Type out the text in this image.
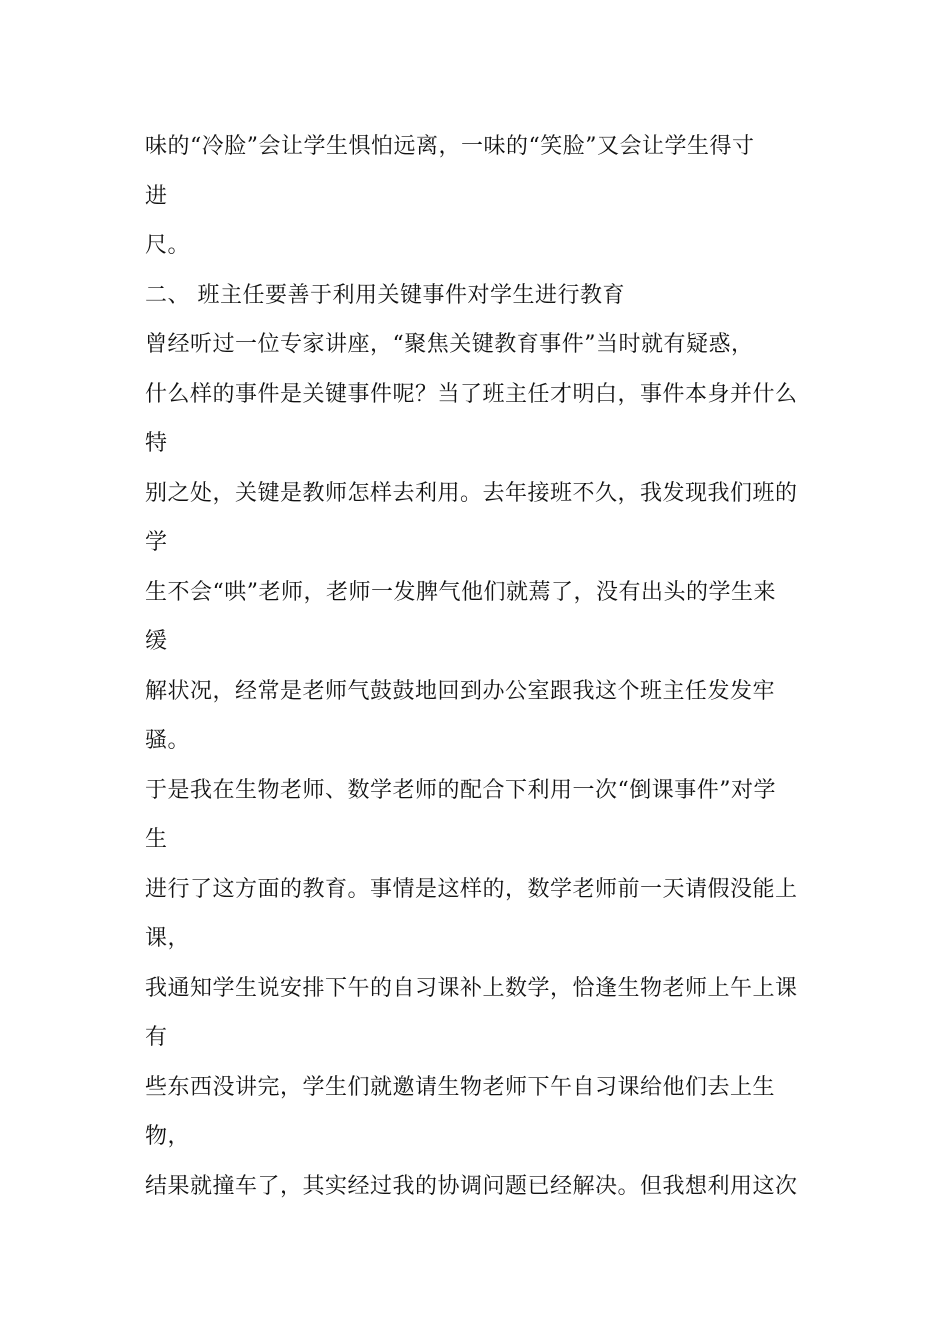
味的“冷脸”会让学生惧怕远离，一味的“笑脸”又会让学生得寸
进
尺。
二、 班主任要善于利用关键事件对学生进行教育
曾经听过一位专家讲座，“聚焦关键教育事件”当时就有疑惑，
什么样的事件是关键事件呢？当了班主任才明白，事件本身并什么
特
别之处，关键是教师怎样去利用。去年接班不久，我发现我们班的
学
生不会“哄”老师，老师一发脾气他们就蔫了，没有出头的学生来
缓
解状况，经常是老师气鼓鼓地回到办公室跟我这个班主任发发牢
骚。
于是我在生物老师、数学老师的配合下利用一次“倒课事件”对学
生
进行了这方面的教育。事情是这样的，数学老师前一天请假没能上
课，
我通知学生说安排下午的自习课补上数学，恰逢生物老师上午上课
有
些东西没讲完，学生们就邀请生物老师下午自习课给他们去上生
物，
结果就撞车了，其实经过我的协调问题已经解决。但我想利用这次
